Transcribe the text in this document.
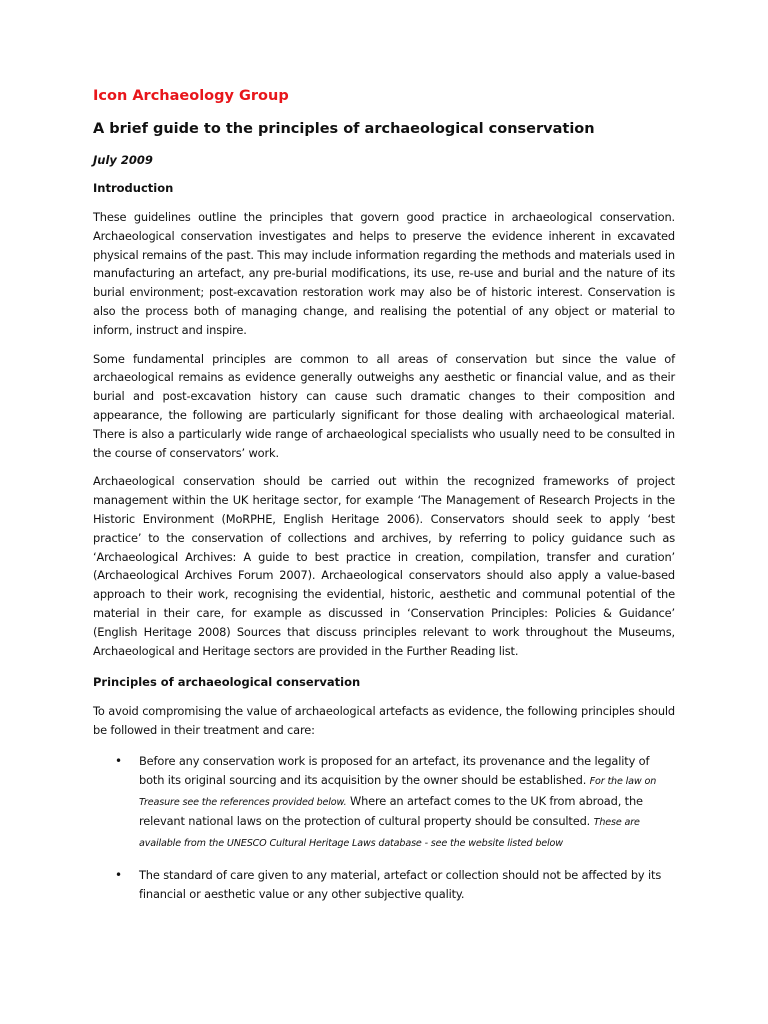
Icon Archaeology Group
A brief guide to the principles of archaeological conservation
July 2009
Introduction

These guidelines outline the principles that govern good practice in archaeological conservation. Archaeological conservation investigates and helps to preserve the evidence inherent in excavated physical remains of the past. This may include information regarding the methods and materials used in manufacturing an artefact, any pre-burial modifications, its use, re-use and burial and the nature of its burial environment; post-excavation restoration work may also be of historic interest. Conservation is also the process both of managing change, and realising the potential of any object or material to inform, instruct and inspire.

Some fundamental principles are common to all areas of conservation but since the value of archaeological remains as evidence generally outweighs any aesthetic or financial value, and as their burial and post-excavation history can cause such dramatic changes to their composition and appearance, the following are particularly significant for those dealing with archaeological material. There is also a particularly wide range of archaeological specialists who usually need to be consulted in the course of conservators’ work.

Archaeological conservation should be carried out within the recognized frameworks of project management within the UK heritage sector, for example ‘The Management of Research Projects in the Historic Environment (MoRPHE, English Heritage 2006). Conservators should seek to apply ‘best practice’ to the conservation of collections and archives, by referring to policy guidance such as ‘Archaeological Archives: A guide to best practice in creation, compilation, transfer and curation’ (Archaeological Archives Forum 2007). Archaeological conservators should also apply a value-based approach to their work, recognising the evidential, historic, aesthetic and communal potential of the material in their care, for example as discussed in ‘Conservation Principles: Policies & Guidance’ (English Heritage 2008) Sources that discuss principles relevant to work throughout the Museums, Archaeological and Heritage sectors are provided in the Further Reading list.

Principles of archaeological conservation

To avoid compromising the value of archaeological artefacts as evidence, the following principles should be followed in their treatment and care:

• Before any conservation work is proposed for an artefact, its provenance and the legality of both its original sourcing and its acquisition by the owner should be established. For the law on Treasure see the references provided below. Where an artefact comes to the UK from abroad, the relevant national laws on the protection of cultural property should be consulted. These are available from the UNESCO Cultural Heritage Laws database - see the website listed below
• The standard of care given to any material, artefact or collection should not be affected by its financial or aesthetic value or any other subjective quality.
